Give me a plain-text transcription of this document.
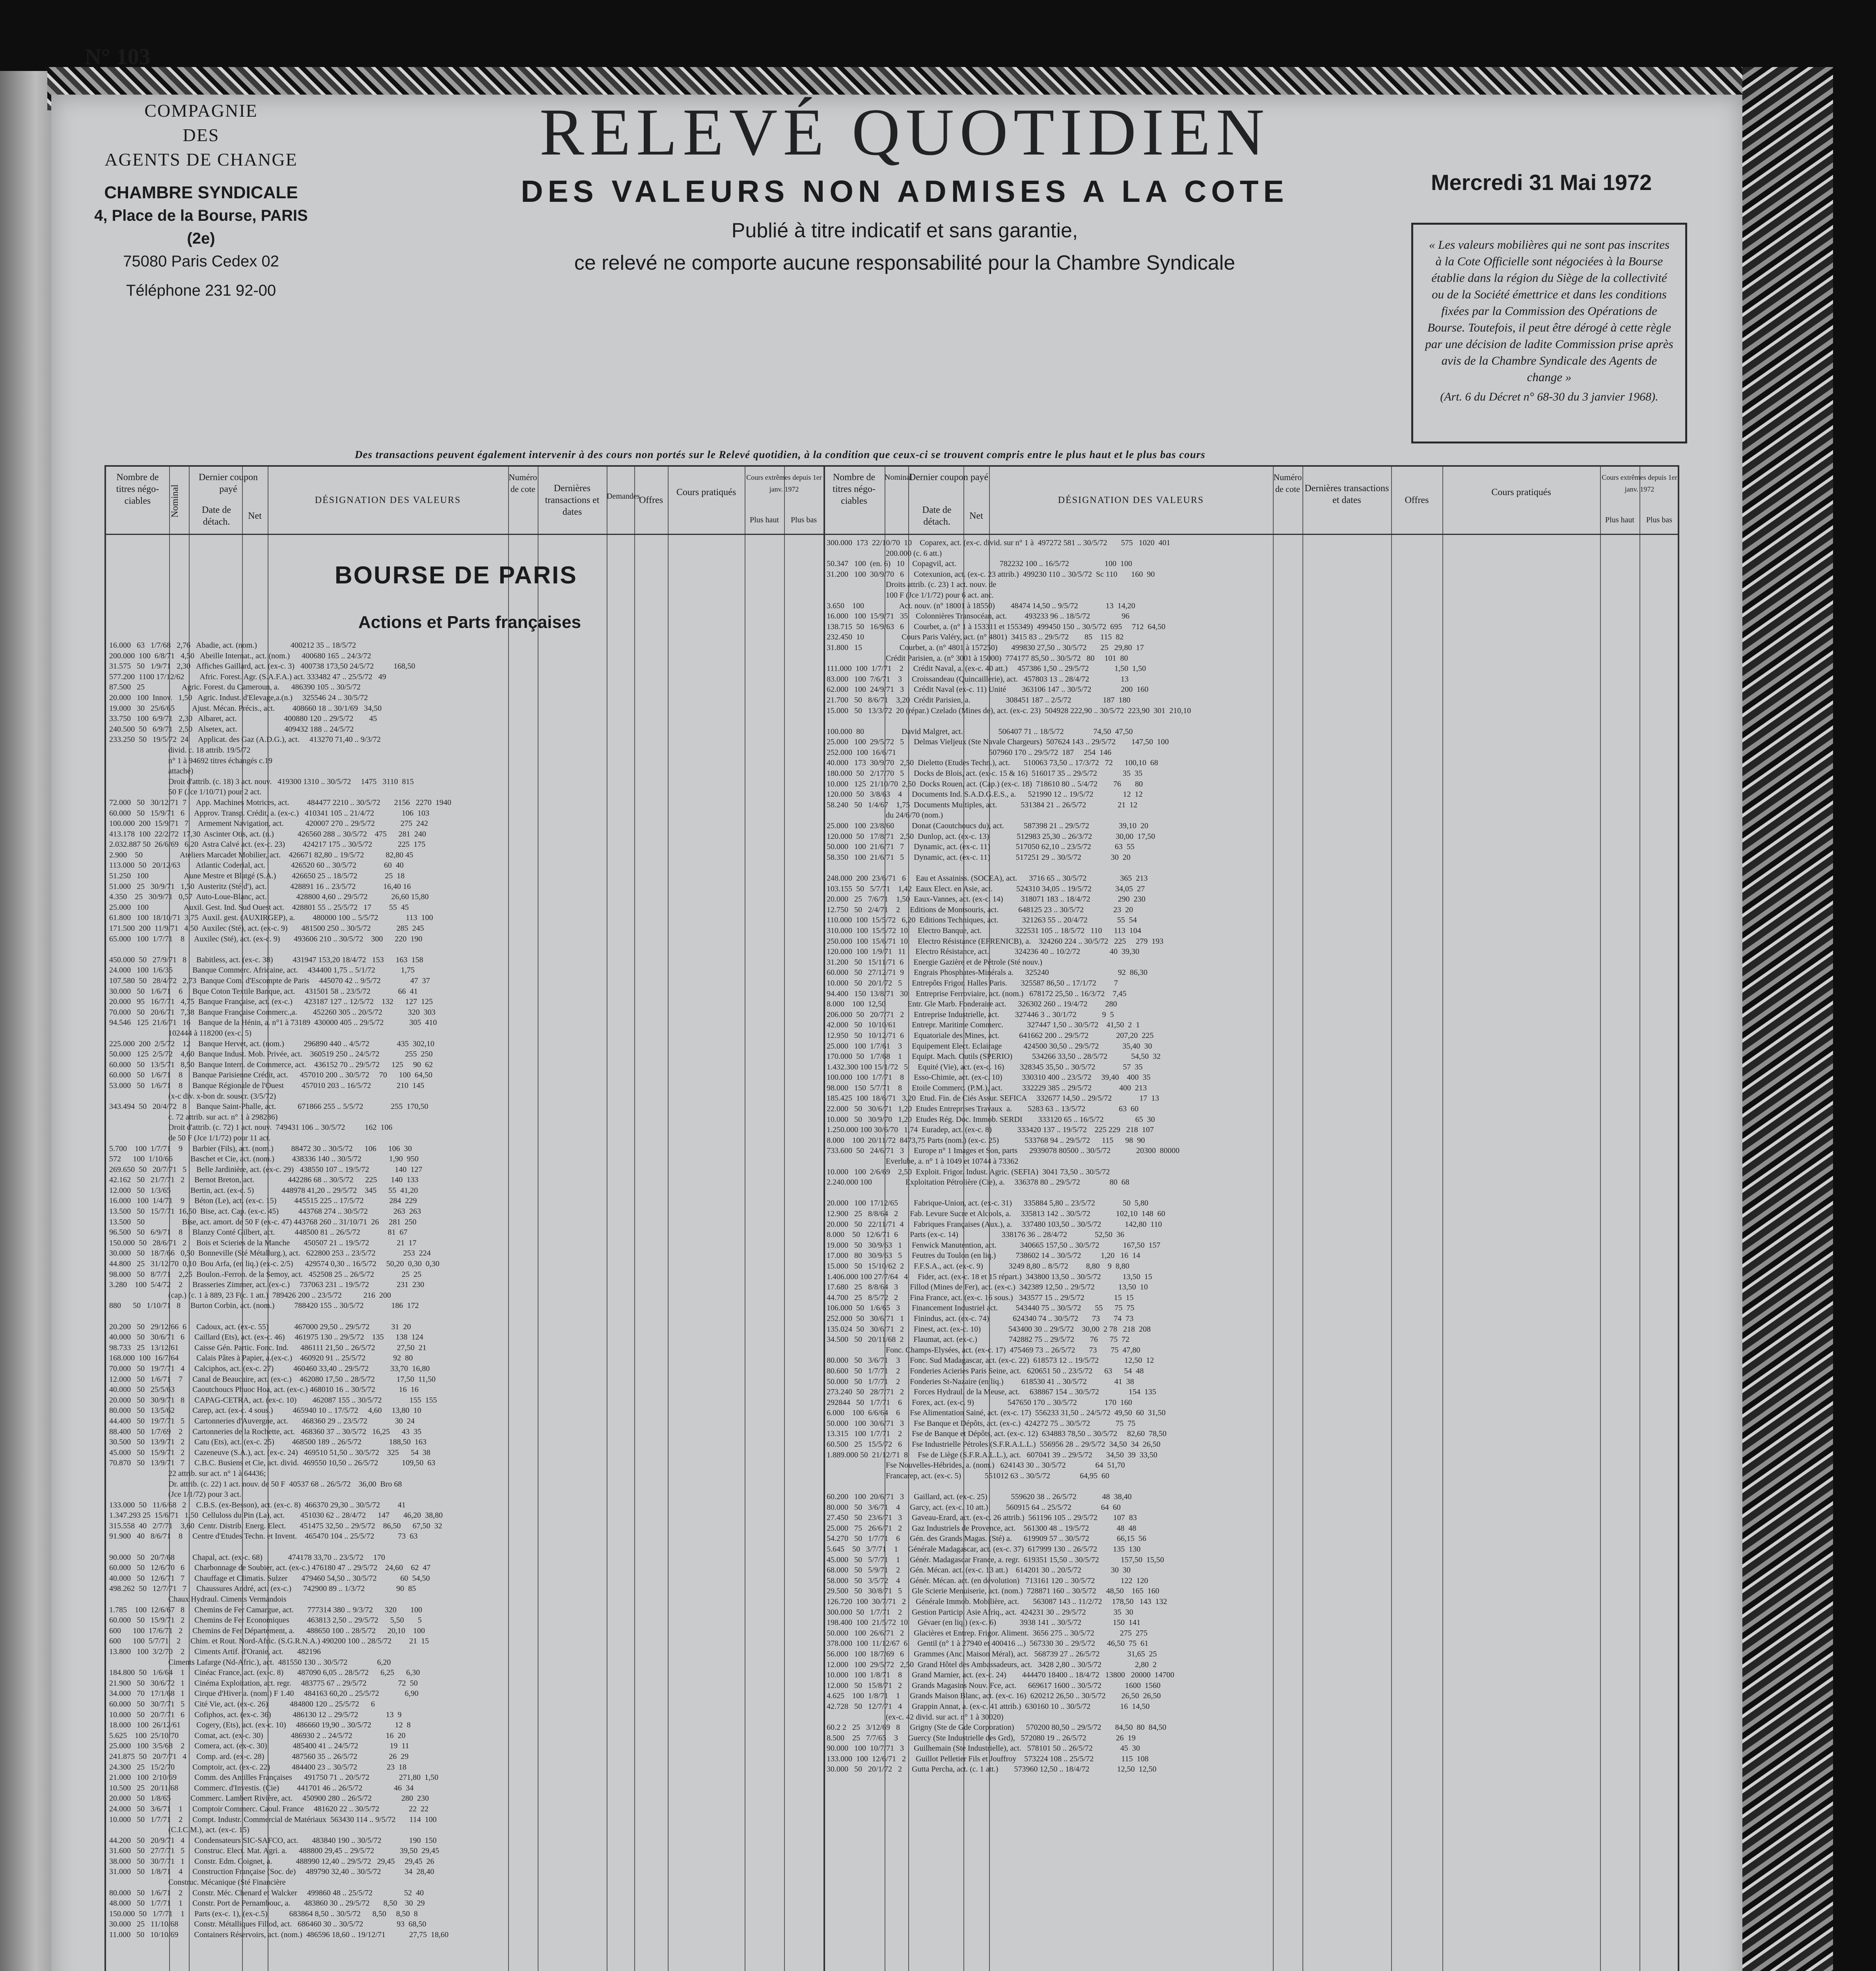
N° 103
COMPAGNIE
DES
AGENTS DE CHANGE
CHAMBRE SYNDICALE
4, Place de la Bourse, PARIS (2e)
75080 Paris Cedex 02
Téléphone 231 92-00
RELEVÉ QUOTIDIEN
DES VALEURS NON ADMISES A LA COTE
Publié à titre indicatif et sans garantie,
ce relevé ne comporte aucune responsabilité pour la Chambre Syndicale
Mercredi 31 Mai 1972
« Les valeurs mobilières qui ne sont pas inscrites à la Cote Officielle sont négociées à la Bourse établie dans la région du Siège de la collectivité ou de la Société émettrice et dans les conditions fixées par la Commission des Opérations de Bourse. Toutefois, il peut être dérogé à cette règle par une décision de ladite Commission prise après avis de la Chambre Syndicale des Agents de change »
(Art. 6 du Décret n° 68-30 du 3 janvier 1968).
Des transactions peuvent également intervenir à des cours non portés sur le Relevé quotidien, à la condition que ceux-ci se trouvent compris entre le plus haut et le plus bas cours
Nombre de titres négo-ciables	Nominal
Dernier coupon payé
Date de détach.
Net
DÉSIGNATION DES VALEURS
Numéro de cote	Dernières transactions et dates
Demandes
Offres
Cours pratiqués
Cours extrêmes depuis 1er janv. 1972
Plus haut	Plus bas
Nombre de titres négo-ciables
Nominal
Dernier coupon payé
Date de détach.
Net
DÉSIGNATION DES VALEURS
Numéro de cote Dernières transactions et dates	Offres
Cours pratiqués
Cours extrêmes depuis 1er janv. 1972
Plus haut	Plus bas
BOURSE DE PARIS
Actions et Parts françaises
16.000   63   1/7/68   2,76   Abadie, act. (nom.)                 400212 35 .. 18/5/72
200.000  100  6/8/71   4,50   Abeille Internat., act. (nom.)      400680 165 .. 24/3/72
31.575   50   1/9/71   2,30   Affiches Gaillard, act. (ex-c. 3)   400738 173,50 24/5/72          168,50
577.200  1100 17/12/62        Afric. Forest. Agr. (S.A.F.A.) act. 333482 47 .. 25/5/72   49
87.500   25                   Agric. Forest. du Cameroun, a.      486390 105 .. 30/5/72
20.000   100  Innov.   1,50   Agric. Indust. d'Elevage,a.(n.)     325546 24 .. 30/5/72
19.000   30   25/6/65         Ajust. Mécan. Précis., act.         408660 18 .. 30/1/69   34,50
33.750   100  6/9/71   2,30   Albaret, act.                        400880 120 .. 29/5/72        45
240.500  50   6/9/71   2,50   Alsetex, act.                        409432 188 .. 24/5/72
233.250  50   19/5/72  24     Applicat. des Gaz (A.D.G.), act.     413270 71,40 .. 9/3/72
divid. c. 18 attrib. 19/5/72
n° 1 à 94692 titres échangés c.19
attaché)
Droit d'attrib. (c. 18) 3 act. nouv.   419300 1310 .. 30/5/72     1475   3110  815
50 F (Jce 1/10/71) pour 2 act.
72.000   50   30/12/71  7     App. Machines Motrices, act.         484477 2210 .. 30/5/72       2156   2270  1940
60.000   50   15/9/71   6     Approv. Transp. Crédit, a. (ex-c.)   410341 105 .. 21/4/72              106  103
100.000  200  15/9/71   7     Armement Navigation, act.           420007 270 .. 29/5/72             275  242
413.178  100  22/2/72  17,30  Ascinter Otis, act. (n.)            426560 288 .. 30/5/72    475      281  240
2.032.887 50  26/6/69   6,20  Astra Calvé act. (ex-c. 23)         424217 175 .. 30/5/72             225  175
2.900    50                   Ateliers Marcadet Mobilier, act.    426671 82,80 .. 19/5/72           82,80 45
113.000  50   20/12/63        Atlantic Coderial, act.             426520 60 .. 30/5/72              60  40
51.250   100                  Aune Mestre et Blatgé (S.A.)        426650 25 .. 18/5/72              25  18
51.000   25   30/9/71   1,50  Austeritz (Sté d'), act.            428891 16 .. 23/5/72              16,40 16
4.350    25   30/9/71   0,57  Auto-Loue-Blanc, act.               428800 4,60 .. 29/5/72            26,60 15,80
25.000   100                  Auxil. Gest. Ind. Sud Ouest act.    428801 55 .. 25/5/72   17         55  45
61.800   100  18/10/71  3,75  Auxil. gest. (AUXIRGEP), a.         480000 100 .. 5/5/72              113  100
171.500  200  11/9/71   4,50  Auxilec (Sté), act. (ex-c. 9)       481500 250 .. 30/5/72             285  245
65.000   100  1/7/71    8     Auxilec (Sté), act. (ex-c. 9)       493606 210 .. 30/5/72    300      220  190

450.000  50   27/9/71   8     Babitless, act. (ex-c. 38)          431947 153,20 18/4/72   153      163  158
24.000   100  1/6/35          Banque Commerc. Africaine, act.     434400 1,75 .. 5/1/72             1,75
107.580  50   28/4/72   2,73  Banque Com. d'Escompte de Paris     445070 42 .. 9/5/72               47  37
30.000   50   1/6/71    6     Bque Coton Textile Banque, act.     431501 58 .. 23/5/72              66  41
20.000   95   16/7/71   4,75  Banque Française, act. (ex-c.)      423187 127 .. 12/5/72    132      127  125
70.000   50   20/6/71   7,38  Banque Française Commerc.,a.        452260 305 .. 20/5/72             320  303
94.546   125  21/6/71   16    Banque de la Hénin, a. n°1 à 73189  430000 405 .. 29/5/72             305  410
102444 à 118200 (ex-c. 5)
225.000  200  2/5/72    12    Banque Hervet, act. (nom.)          296890 440 .. 4/5/72              435  302,10
50.000   125  2/5/72    4,60  Banque Indust. Mob. Privée, act.    360519 250 .. 24/5/72             255  250
60.000   50   13/5/71   8,50  Banque Intern. de Commerce, act.    436152 70 .. 29/5/72      125     90  62
60.000   50   1/6/71    8     Banque Parisienne Crédit, act.      457010 200 .. 30/5/72     70      100  64,50
53.000   50   1/6/71    8     Banque Régionale de l'Ouest         457010 203 .. 16/5/72             210  145
(x-c div. x-bon dr. souscr. (3/5/72)
343.494  50   20/4/72   8     Banque Saint-Phalle, act.           671866 255 .. 5/5/72              255  170,50
c. 72 attrib. sur act. n° 1 à 298286)
Droit d'attrib. (c. 72) 1 act. nouv.  749431 106 .. 30/5/72          162  106
de 50 F (Jce 1/1/72) pour 11 act.
5.700    100  1/7/71    9     Barbier (Fils), act. (nom.)         88472 30 .. 30/5/72      106      106  30
572      100  1/10/66         Baschet et Cie, act. (nom.)         438336 140 .. 30/5/72              1,90  950
269.650  50   20/7/71   5     Belle Jardinière, act. (ex-c. 29)   438550 107 .. 19/5/72             140  127
42.162   50   21/7/71   2     Bernot Breton, act.                 442286 68 .. 30/5/72      225       140  133
12.000   50   1/3/65          Bertin, act. (ex-c. 5)              448978 41,20 .. 29/5/72    345      55  41,20
16.000   100  1/4/71    9     Béton (Le), act. (ex-c. 15)         445515 225 .. 17/5/72             284  229
13.500   50   15/7/71  16,50  Bise, act. Cap. (ex-c. 45)          443768 274 .. 30/5/72             263  263
13.500   50                   Bise, act. amort. de 50 F (ex-c. 47) 443768 260 .. 31/10/71  26     281  250
96.500   50   6/9/71    8     Blanzy Conté Gilbert, act.          448500 81 .. 26/5/72              81  67
150.000  50   28/6/71   2     Bois et Scieries de la Manche       450507 21 .. 19/5/72              21  17
30.000   50   18/7/66   0,50  Bonneville (Sté Métallurg.), act.   622800 253 .. 23/5/72              253  224
44.800   25   31/12/70  0,10  Bou Arfa, (en liq.) (ex-c. 2/5)      429574 0,30 .. 16/5/72     50,20  0,30  0,30
98.000   50   8/7/71    2,25  Boulon.-Ferron. de la Semoy, act.   452508 25 .. 26/5/72              25  25
3.280    100  5/4/72    2     Brasseries Zimmer, act. (ex-c.)     737063 231 .. 19/5/72              231  230
(cap.) (c. 1 à 889, 23 F(c. 1 att.)  789426 200 .. 23/5/72           216  200
880      50   1/10/71   8     Burton Corbin, act. (nom.)          788420 155 .. 30/5/72              186  172

20.200   50   29/12/66  6     Cadoux, act. (ex-c. 55)             467000 29,50 .. 29/5/72           31  20
40.000   50   30/6/71   6     Caillard (Ets), act. (ex-c. 46)     461975 130 .. 29/5/72    135      138  124
98.733   25   13/12/61        Caisse Gén. Partic. Fonc. Ind.      486111 21,50 .. 26/5/72           27,50  21
168.000  100  16/7/64         Calais Pâtes à Papier, a.(ex-c.)    460920 91 .. 25/5/72              92  80
70.000   50   19/7/71   4     Calciphos, act. (ex-c. 27)          460460 33,40 .. 29/5/72           33,70  16,80
12.000   50   1/6/71    7     Canal de Beaucaire, act. (ex-c.)    462080 17,50 .. 28/5/72           17,50  11,50
40.000   50   25/5/63         Caoutchoucs Phuoc Hoa, act. (ex-c.) 468010 16 .. 30/5/72            16  16
20.000   50   30/9/71   8     CAPAG-CETRA, act. (ex-c. 10)        462087 155 .. 30/5/72              155  155
80.000   50   13/5/62         Carep, act. (ex-c. 4 sous.)          465940 10 .. 17/5/72     4,60     13,80  10
44.400   50   19/7/71   5     Cartonneries d'Auvergne, act.       468360 29 .. 23/5/72              30  24
88.400   50   1/7/69    2     Cartonneries de la Rochette, act.   468360 37 .. 30/5/72   16,25      43  35
30.500   50   13/9/71   2     Catu (Ets), act. (ex-c. 25)         468500 189 .. 26/5/72              188,50  163
45.000   50   15/9/71   2     Cazeneuve (S.A.), act. (ex-c. 24)   469510 51,50 .. 30/5/72    325      54  38
70.870   50   13/9/71   7     C.B.C. Busiens et Cie, act. divid.  469550 10,50 .. 26/5/72            109,50  63
22 attrib. sur act. n° 1 à 64436;
Dr. attrib. (c. 22) 1 act. nouv. de 50 F  40537 68 .. 26/5/72    36,00  Bro 68
(Jce 1/1/72) pour 3 act.
133.000  50   11/6/68   2     C.B.S. (ex-Besson), act. (ex-c. 8)  466370 29,30 .. 30/5/72         41
1.347.293 25  15/6/71   1,50  Celluloss du Pin (La), act.        451030 62 .. 28/4/72      147       46,20  38,80
315.558  40   2/7/71    3,60  Centr. Distrib. Energ. Elect.       451475 32,50 .. 29/5/72    86,50      67,50  32
91.900   40   8/6/71    8     Centre d'Etudes Techn. et Invent.    465470 104 .. 25/5/72            73  63

90.000   50   20/7/68         Chapal, act. (ex-c. 68)             474178 33,70 .. 23/5/72     170
60.000   50   12/6/70   6     Charbonnage de Soubier, act. (ex-c.) 476180 47 .. 29/5/72    24,60    62  47
40.000   50   12/6/71   7     Chauffage et Climatis. Sulzer       479460 54,50 .. 30/5/72            60  54,50
498.262  50   12/7/71   7     Chaussures André, act. (ex-c.)      742900 89 .. 1/3/72                90  85
Chaux Hydraul. Ciments Vermandois
1.785    100  12/6/67   8     Chemins de Fer Camargue, act.       777314 380 .. 9/3/72      320       100
60.000   50   15/9/71   2     Chemins de Fer Economiques         463813 2,50 .. 29/5/72      5,50       5
600      100  17/6/71   2     Chemins de Fer Département, a.      488650 100 .. 28/5/72      20,10    100
600      100  5/7/71    2     Chim. et Rout. Nord-Afric. (S.G.R.N.A.) 490200 100 .. 28/5/72         21  15
13.800   100  3/2/70    2     Ciments Artif. d'Oranie, act.       482196
Ciments Lafarge (Nd-Afric.), act.  481550 130 .. 30/5/72               6,20
184.800  50   1/6/64    1     Cinéac France, act. (ex-c. 8)       487090 6,05 .. 28/5/72      6,25      6,30
21.900   50   30/6/72   1     Cinéma Exploitation, act. regr.     483775 67 .. 29/5/72                72  50
34.000   70   17/1/68   1     Cirque d'Hiver a. (nom.) F 1.40     484163 60,20 .. 25/5/72             6,90
60.000   50   30/7/71   5     Cité Vie, act. (ex-c. 26)           484800 120 .. 25/5/72      6
10.000   50   20/7/71   6     Cofiphos, act. (ex-c. 36)           486130 12 .. 29/5/72              13  9
18.000   100  26/12/61        Cogery, (Ets), act. (ex-c. 10)     486660 19,90 .. 30/5/72            12  8
5.625    100  25/10/70        Comat, act. (ex-c. 30)              486930 2 .. 24/5/72                 16  20
25.000   100  3/5/68    2     Comera, act. (ex-c. 30)             485400 41 .. 24/5/72                19  11
241.875  50   20/7/71   4     Comp. ard. (ex-c. 28)              487560 35 .. 26/5/72                26  29
24.300   25   15/2/70         Comptoir, act. (ex-c. 22)           484400 23 .. 30/5/72               23  18
21.000   100  2/10/69         Comm. des Antilles Françaises      491750 71 .. 20/5/72               271,80  1,50
10.500   25   20/11/68        Commerc. d'Investis. (Cie)         441701 46 .. 26/5/72                46  34
20.000   50   1/8/65          Commerc. Lambert Rivière, act.     450900 280 .. 26/5/72               280  230
24.000   50   3/6/71    1     Comptoir Commerc. Caoul. France     481620 22 .. 30/5/72               22  22
10.000   50   1/7/71    2     Compt. Industr. Commercial de Matériaux  563430 114 .. 9/5/72       114  100
(C.I.C.M.), act. (ex-c. 15)
44.200   50   20/9/71   4     Condensateurs SIC-SAFCO, act.       483840 190 .. 30/5/72              190  150
31.600   50   27/7/71   5     Construc. Elect. Mat. Agri. a.      488800 29,45 .. 29/5/72             39,50  29,45
38.000   50   30/7/71   1     Constr. Edm. Coignet, a.            488990 12,40 .. 29/5/72   29,45     29,45  26
31.000   50   1/8/71    4     Construction Française (Soc. de)     489790 32,40 .. 30/5/72            34  28,40
Construc. Mécanique (Sté Financière
80.000   50   1/6/71    2     Constr. Méc. Chenard et Walcker     499860 48 .. 25/5/72                52  40
48.000   50   1/7/71    1     Constr. Port de Pernambouc, a.       483860 30 .. 29/5/72       8,50    30  29
150.000  50   1/7/71    1     Parts (ex-c. 1), (ex-c.5)           683864 8,50 .. 30/5/72      8,50     8,50  8
30.000   25   11/10/68        Constr. Métalliques Fillod, act.   686460 30 .. 30/5/72                 93  68,50
11.000   50   10/10/69        Containers Réservoirs, act. (nom.)  486596 18,60 .. 19/12/71            27,75  18,60
300.000  173  22/10/70  10    Coparex, act. (ex-c. divid. sur n° 1 à  497272 581 .. 30/5/72       575   1020  401
200.000 (c. 6 att.)
50.347   100  (en. 6)   10    Copagvil, act.                      782232 100 .. 16/5/72                  100  100
31.200   100  30/9/70   6     Cotexunion, act. (ex-c. 23 attrib.)  499230 110 .. 30/5/72  Sc 110       160  90
Droits attrib. (c. 23) 1 act. nouv. de
100 F (Jce 1/1/72) pour 6 act. anc.
3.650    100                  Act. nouv. (n° 18001 à 18550)        48474 14,50 .. 9/5/72              13  14,20
16.000   100  15/9/71   35    Colonnières Transocéan, act.         493233 96 .. 18/5/72                96
138.715  50   16/9/63   6     Courbet, a. (n° 1 à 153311 et 155349)  499450 150 .. 30/5/72  695     712  64,50
232.450  10                   Cours Paris Valéry, act. (n° 4801)  3415 83 .. 29/5/72        85    115  82
31.800   15                   Courbet, a. (n° 4801 à 157250)       499830 27,50 .. 30/5/72       25   29,80  17
Crédit Parisien, a. (n° 3001 à 15000)  774177 85,50 .. 30/5/72   80     101  80
111.000  100  1/7/71    2     Crédit Naval, a. (ex-c. 40 att.)     457386 1,50 .. 29/5/72             1,50  1,50
83.000   100  7/6/71    3     Croissandeau (Quincaillerie), act.   457803 13 .. 28/4/72                13
62.000   100  24/9/71   3     Crédit Naval (ex-c. 11) Unité        363106 147 .. 30/5/72               200  160
21.700   50   8/6/71    3,20  Crédit Parisien, a.                  308451 187 .. 2/5/72                187  180
15.000   50   13/3/72  20 (répar.) Czelado (Mines de), act. (ex-c. 23)  504928 222,90 .. 30/5/72  223,90  301  210,10

100.000  80                   David Malgret, act.                  506407 71 .. 18/5/72               74,50  47,50
25.000   100  29/5/72   5     Delmas Vieljeux (Ste Navale Chargeurs)  507624 143 .. 29/5/72        147,50  100
252.000  100  16/6/71                                               507960 170 .. 29/5/72  187     254  146
40.000   173  30/9/70   2,50  Dieletto (Etudes Techn.), act.       510063 73,50 .. 17/3/72   72      100,10  68
180.000  50   2/17/70   5     Docks de Blois, act. (ex-c. 15 & 16)  516017 35 .. 29/5/72             35  35
10.000   125  21/10/70  2,50  Docks Rouen, act. (Cap.) (ex-c. 18)  718610 80 .. 5/4/72        76       80
120.000  50   3/8/63    4     Documents Ind. S.A.D.G.E.S., a.      521990 12 .. 19/5/72               12  12
58.240   50   1/4/67    1,75  Documents Multiples, act.            531384 21 .. 26/5/72                21  12
du 24/6/70 (nom.)
25.000   100  23/8/60         Donat (Caoutchoucs du), act.          587398 21 .. 29/5/72               39,10  20
120.000  50   17/8/71   2,50  Dunlop, act. (ex-c. 13)              512983 25,30 .. 26/3/72            30,00  17,50
50.000   100  21/6/71   7     Dynamic, act. (ex-c. 11)             517050 62,10 .. 23/5/72            63  55
58.350   100  21/6/71   5     Dynamic, act. (ex-c. 11)             517251 29 .. 30/5/72               30  20

248.000  200  23/6/71   6     Eau et Assainiss. (SOCEA), act.      3716 65 .. 30/5/72                 365  213
103.155  50   5/7/71    1,42  Eaux Elect. en Asie, act.            524310 34,05 .. 19/5/72            34,05  27
20.000   25   7/6/71    1,50  Eaux-Vannes, act. (ex-c. 14)         318071 183 .. 18/4/72              290  230
12.750   50   2/4/71    2     Editions de Montsouris, act.          648125 23 .. 30/5/72               23  20
110.000  100  15/5/72   6,20  Editions Techniques, act.            321263 55 .. 20/4/72               55  54
310.000  100  15/5/72  10     Electro Banque, act.                 322531 105 .. 18/5/72   110      113  104
250.000  100  15/6/71  10     Electro Résistance (EFRENICB), a.    324260 224 .. 30/5/72   225     279  193
120.000  100  1/9/71   11     Electro Résistance, act.             324236 40 .. 10/2/72               40  39,30
31.200   50   15/11/71  6     Energie Gazière et de Pétrole (Sté nouv.)
60.000   50   27/12/71  9     Engrais Phosphates-Minérals a.      325240                                   92  86,30
10.000   50   20/1/72   5     Entrepôts Frigor. Halles Paris.       325587 86,50 .. 17/1/72         7
94.400   150  13/8/71   30    Entreprise Ferroviaire, act. (nom.)   678172 25,50 .. 16/3/72    7,45
8.000    100  12,50           Entr. Gle Marb. Fonderaire act.      326302 260 .. 19/4/72         280
206.000  50   20/7/71   2     Entreprise Industrielle, act.        327446 3 .. 30/1/72             9  5
42.000   50   10/10/61        Entrepr. Maritime Commerc.            327447 1,50 .. 30/5/72    41,50  2  1
12.950   50   10/12/71  6     Equatoriale des Mines, act.          641662 200 .. 29/5/72              207,20  225
25.000   100  1/7/61    3     Equipement Elect. Eclairage           424500 30,50 .. 29/5/72            35,40  30
170.000  50   1/7/68    1     Equipt. Mach. Outils (SPERIO)          534266 33,50 .. 28/5/72            54,50  32
1.432.300 100 15/1/72   5     Equité (Vie), act. (ex-c. 16)        328345 35,50 .. 30/5/72              57  35
100.000  100  1/7/71    8     Esso-Chimie, act. (ex-c. 10)          330310 400 .. 23/5/72     39,40    400  35
98.000   150  5/7/71    8     Etoile Commerc. (P.M.), act.          332229 385 .. 29/5/72              400  213
185.425  100  18/6/71   3,20  Etud. Fin. de Ciés Assur. SEFICA     332677 14,50 .. 29/5/72              17  13
22.000   50   30/6/71   1,20  Etudes Entreprises Travaux  a.        5283 63 .. 13/5/72                 63  60
10.000   50   30/9/70   1,20  Etudes Rég. Doc. Immob. SERDI        333120 65 .. 16/5/72                65  30
1.250.000 100 30/6/70   1,74  Euradep, act. (ex-c. 8)             333420 137 .. 19/5/72    225 229   218  107
8.000    100  20/11/72  8473,75 Parts (nom.) (ex-c. 25)             533768 94 .. 29/5/72      115      98  90
733.600  50   24/6/71   3     Europe n° 1 Images et Son, parts      2939078 80500 .. 30/5/72             20300  80000
Everlube, a. n° 1 à 1049 et 10744 à 73362
10.000   100  2/6/69    2,50  Exploit. Frigor. Indust. Agric. (SEFIA)  3041 73,50 .. 30/5/72
2.240.000 100                 Exploitation Pétrolière (Cie), a.     336378 80 .. 29/5/72               80  68

20.000   100  17/12/65        Fabrique-Union, act. (ex-c. 31)      335884 5,80 .. 23/5/72              50  5,80
12.900   25   8/8/64   2      Fab. Levure Sucre et Alcools, a.     335813 142 .. 30/5/72             102,10  148  60
20.000   50   22/11/71  4     Fabriques Françaises (Aux.), a.     337480 103,50 .. 30/5/72            142,80  110
8.000    50   12/6/71  6      Parts (ex-c. 14)                      338176 36 .. 28/4/72              52,50  36
19.000   50   30/9/63   1     Fenwick Manutention, act.            340665 157,50 .. 30/5/72            167,50  157
17.000   80   30/9/63   5     Feutres du Toulon (en liq.)          738602 14 .. 30/5/72          1,20   16  14
15.000   50   15/10/62  2     F.F.S.A., act. (ex-c. 9)             3249 8,80 .. 8/5/72         8,80    9  8,80
1.406.000 100 27/7/64   4     Fider, act. (ex-c. 18 et 15 répart.)  343800 13,50 .. 30/5/72           13,50  15
17.680   25   8/8/64   3      Fillod (Mines de Fer), act. (ex-c.)  342389 12,50 .. 29/5/72            13,50  10
44.700   25   8/5/72   2      Fina France, act. (ex-c. 16 sous.)   343577 15 .. 29/5/72               15  15
106.000  50   1/6/65   3      Financement Industriel act.         543440 75 .. 30/5/72       55      75  75
252.000  50   30/6/71   1     Finindus, act. (ex-c. 74)            624340 74 .. 30/5/72       73       74  73
135.024  50   30/6/71   2     Finest, act. (ex-c. 10)              543400 30 .. 29/5/72    30,00  2 78   218  208
34.500   50   20/11/68  2     Flaumat, act. (ex-c.)                742882 75 .. 29/5/72        76      75  72
Fonc. Champs-Elysées, act. (ex-c. 17)  475469 73 .. 26/5/72       73       75  47,80
80.000   50   3/6/71    3     Fonc. Sud Madagascar, act. (ex-c. 22)  618573 12 .. 19/5/72             12,50  12
80.600   50   1/7/71    2     Fonderies Acieries Paris Seine, act.   620651 50 .. 23/5/72      63      54  48
50.000   50   1/7/71    2     Fonderies St-Nazaire (en liq.)         618530 41 .. 30/5/72              41  38
273.240  50   28/7/71   2     Forces Hydraul. de la Meuse, act.     638867 154 .. 30/5/72               154  135
292844   50   1/7/71    6     Forex, act. (ex-c. 9)                 547650 170 .. 30/5/72              170  160
6.000    100  6/6/64    6     Fse Alimentation Sainé, act. (ex-c. 17)  556233 31,50 .. 24/5/72  49,50  60  31,50
50.000   100  30/6/71   3     Fse Banque et Dépôts, act. (ex-c.)  424272 75 .. 30/5/72             75  75
13.315   100  1/7/71    2     Fse de Banque et Dépôts, act. (ex-c. 12)  634883 78,50 .. 30/5/72     82,60  78,50
60.500   25   15/5/72   6     Fse Industrielle Pétroles (S.F.R.A.L.L.)  556956 28 .. 29/5/72  34,50  34  26,50
1.889.000 50  21/12/71  8     Fse de Liège (S.F.R.A.L.L.), act.   607041 39 .. 29/5/72       34,50  39  33,50
Fse Nouvelles-Hébrides, a. (nom.)   624143 30 .. 30/5/72               64  51,70
Francarep, act. (ex-c. 5)            551012 63 .. 30/5/72               64,95  60

60.200   100  20/6/71   3     Gaillard, act. (ex-c. 25)            559620 38 .. 26/5/72             48  38,40
80.000   50   3/6/71    4     Garcy, act. (ex-c. 10 att.)         560915 64 .. 25/5/72               64  60
27.450   50   23/6/71   3     Gaveau-Erard, act. (ex-c. 26 attrib.)  561196 105 .. 29/5/72        107  83
25.000   75   26/6/71   2     Gaz Industriels de Provence, act.    561300 48 .. 19/5/72              48  48
54.270   50   1/7/71    6     Gén. des Grands Magas. (Sté) a.      619909 57 .. 30/5/72              66,15  56
5.645    50   3/7/71    1     Générale Madagascar, act. (ex-c. 37)  617999 130 .. 26/5/72        135  130
45.000   50   5/7/71    1     Génér. Madagascar France, a. regr.  619351 15,50 .. 30/5/72           157,50  15,50
68.000   50   5/9/71    2     Gén. Mécan. act. (ex-c. 13 att.)    614201 30 .. 20/5/72               30  30
58.000   50   3/5/72    4     Génér. Mécan. act. (en dévolution)   713161 120 .. 30/5/72             122  120
29.500   50   30/8/71   5     Gle Scierie Menuiserie, act. (nom.)  728871 160 .. 30/5/72     48,50    165  160
126.720  100  30/7/71   2     Générale Immob. Mobilière, act.       563087 143 .. 11/2/72     178,50   143  132
300.000  50   1/7/71    2     Gestion Particip. Asie Afriq., act.  424231 30 .. 29/5/72              35  30
198.400  100  21/5/72  10     Gévaer (en liq.) (ex-c. 6)            3938 141 .. 30/5/72                150  141
50.000   100  26/6/71   2     Glacières et Entrep. Frigor. Aliment.  3656 275 .. 30/5/72             275  275
378.000  100  11/12/67  6     Gentil (n° 1 à 27940 et 400416 ...)  567330 30 .. 29/5/72      46,50  75  61
56.000   100  18/7/69   6     Grammes (Anc. Maison Méral), act.   568739 27 .. 26/5/72              31,65  25
12.000   100  29/5/72   2,50  Grand Hôtel des Ambassadeurs, act.   3428 2,80 .. 30/5/72                 2,80  2
10.000   100  1/8/71    8     Grand Marnier, act. (ex-c. 24)        444470 18400 .. 18/4/72   13800   20000  14700
12.000   50   15/8/71   2     Grands Magasins Nouv. Fce, act.      669617 1600 .. 30/5/72            1600  1560
4.625    100  1/8/71    1     Grands Maison Blanc, act. (ex-c. 16)  620212 26,50 .. 30/5/72        26,50  26,50
42.728   50   12/7/71   4     Grappin Annat, a. (ex-c. 41 attrib.)  630160 10 .. 30/5/72               16  14,50
(ex-c. 42 divid. sur act. n° 1 à 30020)
60.2 2   25   3/12/69   8     Grigny (Ste de Gde Corporation)      570200 80,50 .. 29/5/72       84,50  80  84,50
8.500    25   7/7/65    3     Guercy (Ste Industrielle des Grd),   572080 19 .. 26/5/72               26  19
90.000   100  10/7/71   3     Guilhemain (Ste Industrielle), act.   578101 50 .. 26/5/72              45  30
133.000  100  12/6/71   2     Guillot Pelletier Fils et Jouffroy    573224 108 .. 25/5/72              115  108
30.000   50   20/1/72   2     Gutta Percha, act. (c. 1 att.)        573960 12,50 .. 18/4/72              12,50  12,50
